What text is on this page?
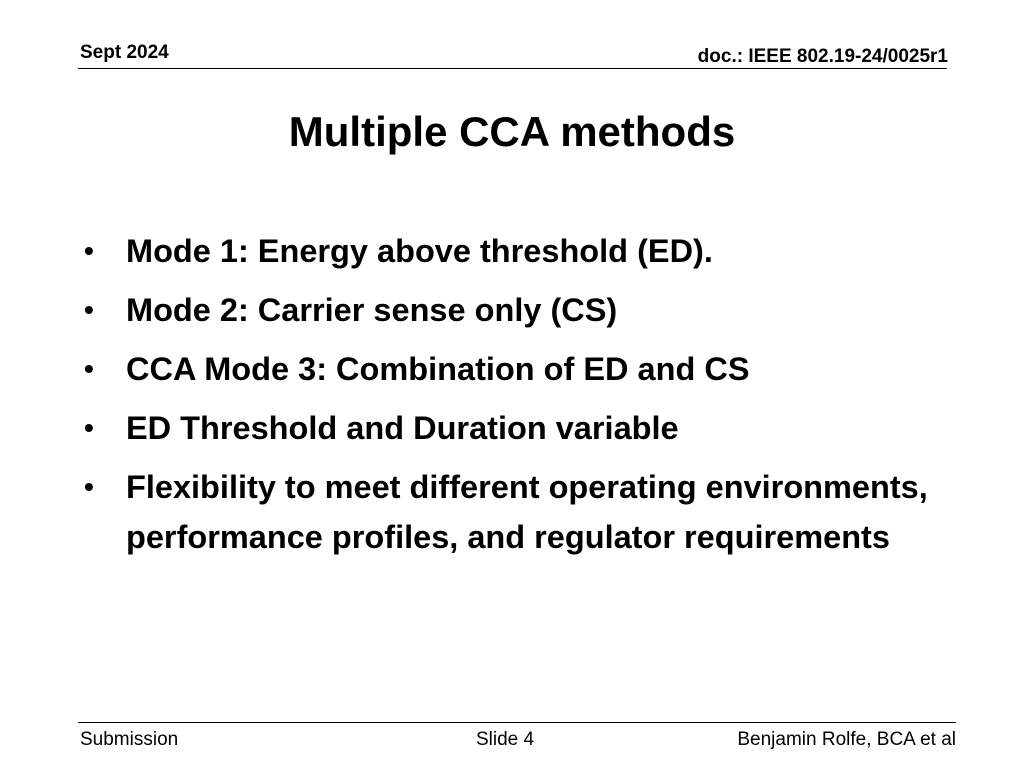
Sept 2024	doc.: IEEE 802.19-24/0025r1
Multiple CCA methods
• Mode 1: Energy above threshold (ED).
• Mode 2: Carrier sense only (CS)
• CCA Mode 3: Combination of ED and CS
• ED Threshold and Duration variable
• Flexibility to meet different operating environments, performance profiles, and regulator requirements
Submission	Slide 4	Benjamin Rolfe, BCA et al
